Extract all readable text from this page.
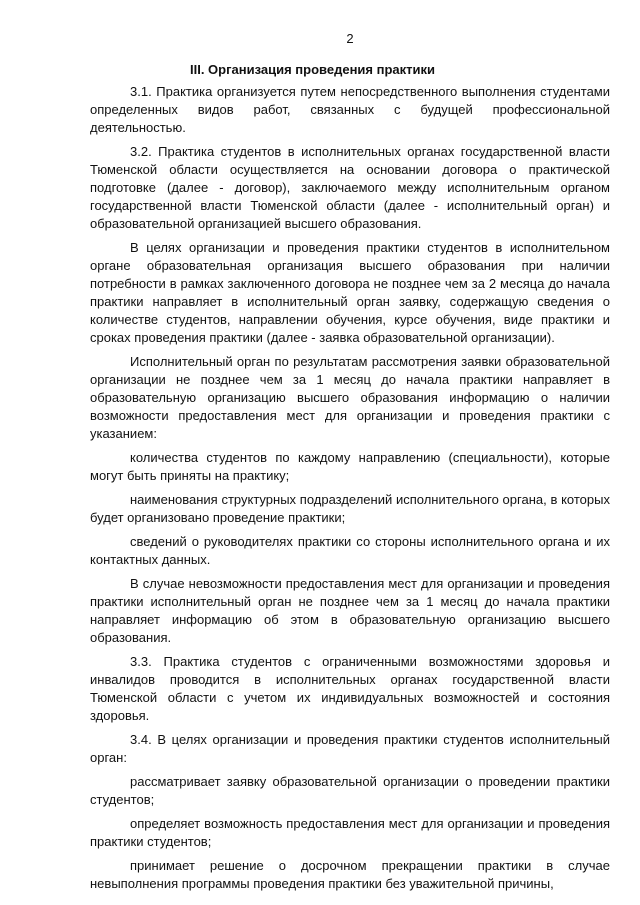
2

III. Организация проведения практики

3.1. Практика организуется путем непосредственного выполнения студентами определенных видов работ, связанных с будущей профессиональной деятельностью.

3.2. Практика студентов в исполнительных органах государственной власти Тюменской области осуществляется на основании договора о практической подготовке (далее - договор), заключаемого между исполнительным органом государственной власти Тюменской области (далее - исполнительный орган) и образовательной организацией высшего образования.

В целях организации и проведения практики студентов в исполнительном органе образовательная организация высшего образования при наличии потребности в рамках заключенного договора не позднее чем за 2 месяца до начала практики направляет в исполнительный орган заявку, содержащую сведения о количестве студентов, направлении обучения, курсе обучения, виде практики и сроках проведения практики (далее - заявка образовательной организации).

Исполнительный орган по результатам рассмотрения заявки образовательной организации не позднее чем за 1 месяц до начала практики направляет в образовательную организацию высшего образования информацию о наличии возможности предоставления мест для организации и проведения практики с указанием:

количества студентов по каждому направлению (специальности), которые могут быть приняты на практику;

наименования структурных подразделений исполнительного органа, в которых будет организовано проведение практики;

сведений о руководителях практики со стороны исполнительного органа и их контактных данных.

В случае невозможности предоставления мест для организации и проведения практики исполнительный орган не позднее чем за 1 месяц до начала практики направляет информацию об этом в образовательную организацию высшего образования.

3.3. Практика студентов с ограниченными возможностями здоровья и инвалидов проводится в исполнительных органах государственной власти Тюменской области с учетом их индивидуальных возможностей и состояния здоровья.

3.4. В целях организации и проведения практики студентов исполнительный орган:

рассматривает заявку образовательной организации о проведении практики студентов;

определяет возможность предоставления мест для организации и проведения практики студентов;

принимает решение о досрочном прекращении практики в случае невыполнения программы проведения практики без уважительной причины,
